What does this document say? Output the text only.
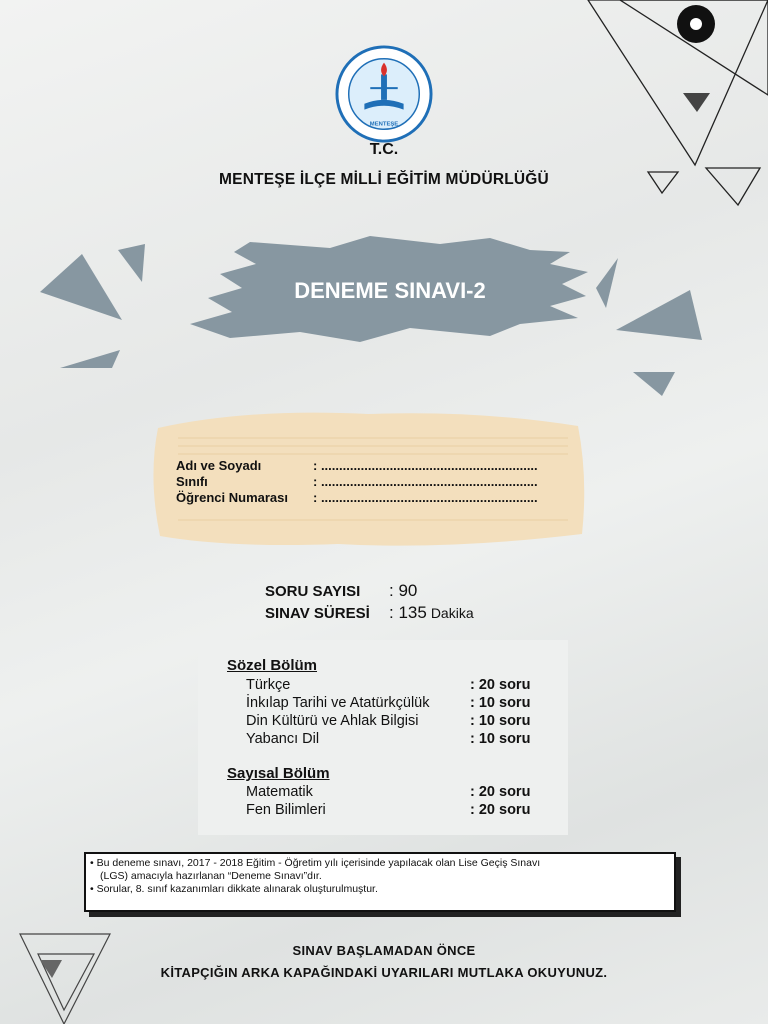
MENTEŞE
T.C.
MENTEŞE İLÇE MİLLİ EĞİTİM MÜDÜRLÜĞÜ
DENEME SINAVI-2
Adı ve Soyadı	: ............................................................
Sınıfı	: ............................................................
Öğrenci Numarası : ............................................................
SORU SAYISI : 90
SINAV SÜRESİ : 135 Dakika
Sözel Bölüm
Türkçe	: 20 soru
İnkılap Tarihi ve Atatürkçülük	: 10 soru
Din Kültürü ve Ahlak Bilgisi	: 10 soru
Yabancı Dil	: 10 soru
Sayısal Bölüm
Matematik	: 20 soru
Fen Bilimleri	: 20 soru
• Bu deneme sınavı, 2017 - 2018 Eğitim - Öğretim yılı içerisinde yapılacak olan Lise Geçiş Sınavı
(LGS) amacıyla hazırlanan “Deneme Sınavı”dır.
• Sorular, 8. sınıf kazanımları dikkate alınarak oluşturulmuştur.
SINAV BAŞLAMADAN ÖNCE
KİTAPÇIĞIN ARKA KAPAĞINDAKİ UYARILARI MUTLAKA OKUYUNUZ.
